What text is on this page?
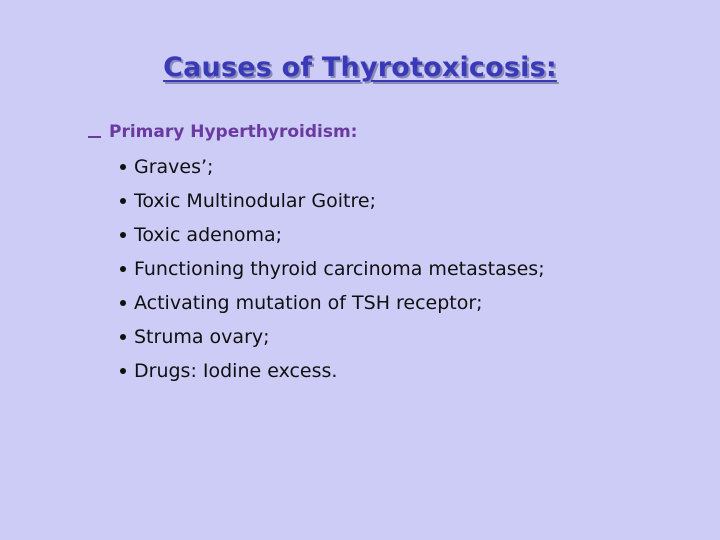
Causes of Thyrotoxicosis:
Primary Hyperthyroidism:
Graves’;
Toxic Multinodular Goitre;
Toxic adenoma;
Functioning thyroid carcinoma metastases;
Activating mutation of TSH receptor;
Struma ovary;
Drugs: Iodine excess.
